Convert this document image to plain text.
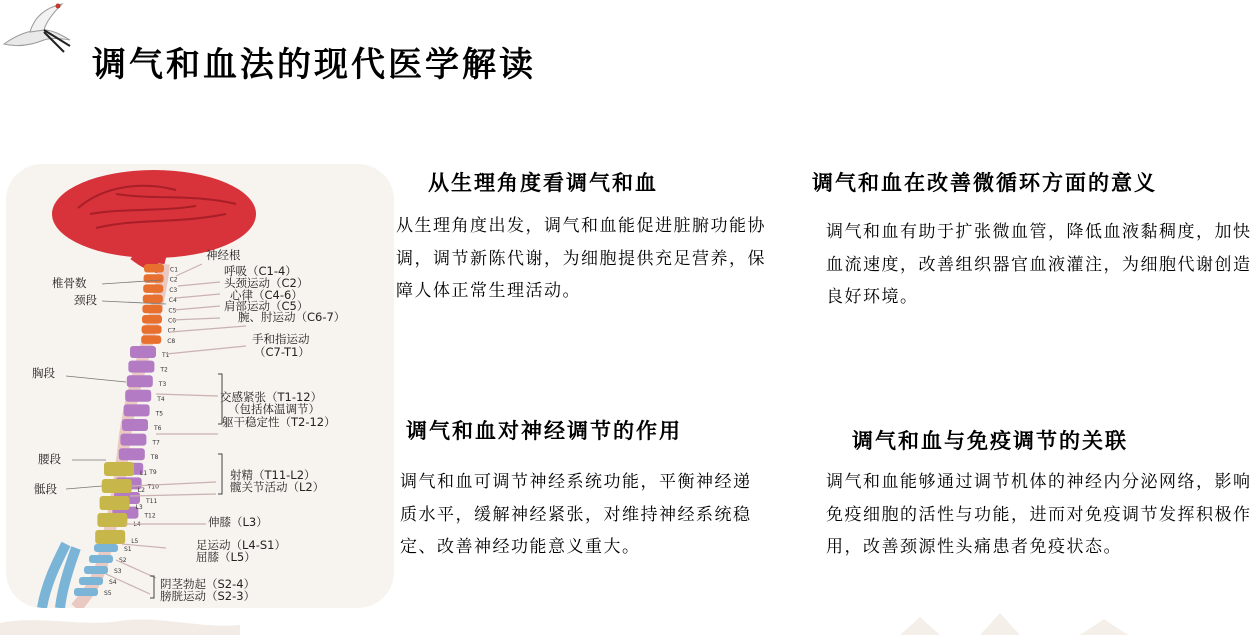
调气和血法的现代医学解读
C1
C2
C3
C4
C5
C6
C7
C8
T1
T2
T3
T4
T5
T6
T7
T8
T9
T10
T11
T12
L1
L2
L3
L4
L5
S1
S2
S3
S4
S5
神经根
椎骨数
颈段
胸段
腰段
骶段
呼吸（C1-4）
头颈运动（C2）
心律（C4-6）
肩部运动（C5）
腕、肘运动（C6-7）
手和指运动
（C7-T1）
交感紧张（T1-12）
（包括体温调节）
躯干稳定性（T2-12）
射精（T11-L2）
髋关节活动（L2）
伸膝（L3）
足运动（L4-S1）
屈膝（L5）
阴茎勃起（S2-4）
膀胱运动（S2-3）
从生理角度看调气和血

从生理角度出发，调气和血能促进脏腑功能协调，调节新陈代谢，为细胞提供充足营养，保障人体正常生理活动。

调气和血在改善微循环方面的意义

调气和血有助于扩张微血管，降低血液黏稠度，加快血流速度，改善组织器官血液灌注，为细胞代谢创造良好环境。

调气和血对神经调节的作用

调气和血可调节神经系统功能，平衡神经递质水平，缓解神经紧张，对维持神经系统稳定、改善神经功能意义重大。

调气和血与免疫调节的关联

调气和血能够通过调节机体的神经内分泌网络，影响免疫细胞的活性与功能，进而对免疫调节发挥积极作用，改善颈源性头痛患者免疫状态。
